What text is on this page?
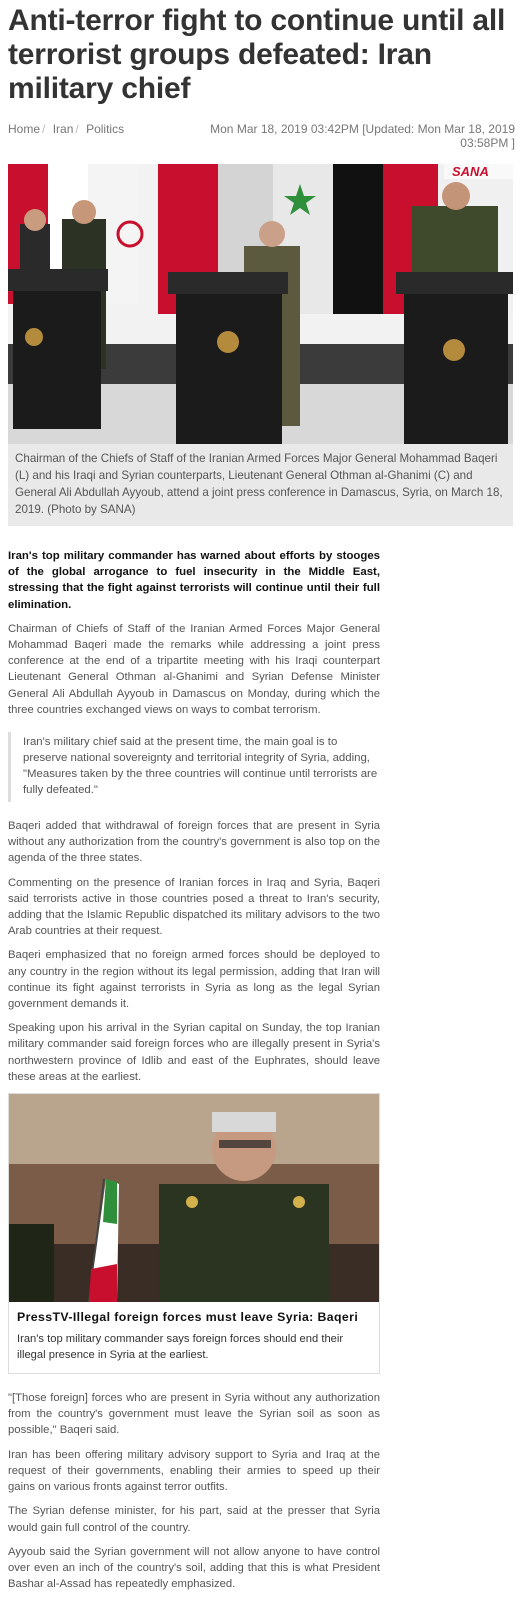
Anti-terror fight to continue until all terrorist groups defeated: Iran military chief
Home / Iran / Politics	Mon Mar 18, 2019 03:42PM [Updated: Mon Mar 18, 2019 03:58PM ]
SANA
Chairman of the Chiefs of Staff of the Iranian Armed Forces Major General Mohammad Baqeri (L) and his Iraqi and Syrian counterparts, Lieutenant General Othman al-Ghanimi (C) and General Ali Abdullah Ayyoub, attend a joint press conference in Damascus, Syria, on March 18, 2019. (Photo by SANA)

Iran's top military commander has warned about efforts by stooges of the global arrogance to fuel insecurity in the Middle East, stressing that the fight against terrorists will continue until their full elimination.

Chairman of Chiefs of Staff of the Iranian Armed Forces Major General Mohammad Baqeri made the remarks while addressing a joint press conference at the end of a tripartite meeting with his Iraqi counterpart Lieutenant General Othman al-Ghanimi and Syrian Defense Minister General Ali Abdullah Ayyoub in Damascus on Monday, during which the three countries exchanged views on ways to combat terrorism.

Iran's military chief said at the present time, the main goal is to preserve national sovereignty and territorial integrity of Syria, adding, "Measures taken by the three countries will continue until terrorists are fully defeated."

Baqeri added that withdrawal of foreign forces that are present in Syria without any authorization from the country's government is also top on the agenda of the three states.

Commenting on the presence of Iranian forces in Iraq and Syria, Baqeri said terrorists active in those countries posed a threat to Iran's security, adding that the Islamic Republic dispatched its military advisors to the two Arab countries at their request.

Baqeri emphasized that no foreign armed forces should be deployed to any country in the region without its legal permission, adding that Iran will continue its fight against terrorists in Syria as long as the legal Syrian government demands it.

Speaking upon his arrival in the Syrian capital on Sunday, the top Iranian military commander said foreign forces who are illegally present in Syria's northwestern province of Idlib and east of the Euphrates, should leave these areas at the earliest.

PressTV-Illegal foreign forces must leave Syria: Baqeri
Iran's top military commander says foreign forces should end their illegal presence in Syria at the earliest.

"[Those foreign] forces who are present in Syria without any authorization from the country's government must leave the Syrian soil as soon as possible," Baqeri said.

Iran has been offering military advisory support to Syria and Iraq at the request of their governments, enabling their armies to speed up their gains on various fronts against terror outfits.

The Syrian defense minister, for his part, said at the presser that Syria would gain full control of the country.

Ayyoub said the Syrian government will not allow anyone to have control over even an inch of the country's soil, adding that this is what President Bashar al-Assad has repeatedly emphasized.
